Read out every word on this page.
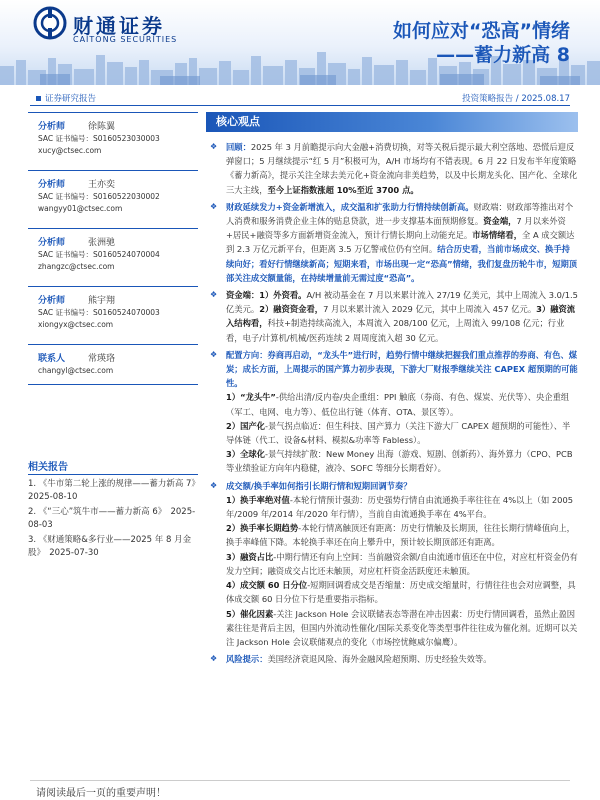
财通证券
CAITONG SECURITIES	如何应对“恐高”情绪
——蓄力新高 8
证券研究报告	投资策略报告 / 2025.08.17
分析师	徐陈翼
SAC 证书编号：S0160523030003
xucy@ctsec.com
分析师	王亦奕
SAC 证书编号：S0160522030002
wangyy01@ctsec.com
分析师	张洲驰
SAC 证书编号：S0160524070004
zhangzc@ctsec.com
分析师	熊宇翔
SAC 证书编号：S0160524070003
xiongyx@ctsec.com
联系人	常瑛珞
changyl@ctsec.com
相关报告
1. 《牛市第二轮上涨的规律——蓄力新高 7》　2025-08-10
2. 《“三心”筑牛市——蓄力新高 6》　2025-08-03
3. 《财通策略&多行业——2025 年 8 月金股》　2025-07-30
核心观点
❖ 回顾：2025 年 3 月前瞻提示向大金融+消费切换，对等关税后提示最大利空落地、恐慌后迎反弹窗口；5 月继续提示“红 5 月”积极可为，A/H 市场均有不错表现。6 月 22 日发布半年度策略《蓄力新高》，提示关注全球去美元化+资金流向非美趋势，以及中长期龙头化、国产化、全球化三大主线，至今上证指数涨超 10%至近 3700 点。
❖ 财政延续发力+资金新增流入，成交温和扩张助力行情持续创新高。财政端：财政部等推出对个人消费和服务消费企业主体的贴息贷款，进一步支撑基本面预期修复。资金端，7 月以来外资+居民+融资等多方面新增资金流入，预计行情长期向上动能充足。市场情绪看，全 A 成交额达到 2.3 万亿元新平台，但距离 3.5 万亿警戒位仍有空间。结合历史看，当前市场成交、换手持续向好；看好行情继续新高；短期来看，市场出现一定“恐高”情绪，我们复盘历轮牛市，短期顶部关注成交额量能，在持续增量前无需过度“恐高”。
❖ 资金端：1）外资看。A/H 被动基金在 7 月以来累计流入 27/19 亿美元，其中上周流入 3.0/1.5 亿美元。2）融资资金看，7 月以来累计流入 2029 亿元，其中上周流入 457 亿元。3）融资流入结构看，科技+制造持续高流入，本周流入 208/100 亿元，上周流入 99/108 亿元；行业看，电子/计算机/机械/医药连续 2 周周度流入超 30 亿元。
❖ 配置方向：券商再启动，“龙头牛”进行时，趋势行情中继续把握我们重点推荐的券商、有色、煤炭；成长方面，上周提示的国产算力初步表现，下游大厂财报季继续关注 CAPEX 超预期的可能性。
1）“龙头牛”-供给出清/反内卷/央企重组：PPI 触底（券商、有色、煤炭、光伏等）、央企重组（军工、电网、电力等）、低位出行链（体育、OTA、景区等）。
2）国产化-景气拐点临近：但生科技、国产算力（关注下游大厂 CAPEX 超预期的可能性）、半导体链（代工、设备&材料、模拟&功率等 Fabless）。
3）全球化-景气持续扩散：New Money 出海（游戏、短剧、创新药）、海外算力（CPO、PCB 等业绩验证方向年内稳健，液冷、SOFC 等细分长期看好）。
❖ 成交额/换手率如何指引长期行情和短期回调节奏？
1）换手率绝对值-本轮行情预计强劲：历史强势行情自由流通换手率往往在 4%以上（如 2005 年/2009 年/2014 年/2020 年行情），当前自由流通换手率在 4%平台。
2）换手率长期趋势-本轮行情离触顶还有距离：历史行情触及长期顶，往往长期行情峰值向上，换手率峰值下降。本轮换手率还在向上攀升中，预计较长期顶部还有距离。
3）融资占比-中期行情还有向上空间：当前融资余额/自由流通市值还在中位，对应杠杆资金仍有发力空间；融资成交占比还未触顶，对应杠杆资金活跃度还未触顶。
4）成交额 60 日分位-短期回调看成交是否缩量：历史成交缩量时，行情往往也会对应调整，具体成交额 60 日分位下行是重要指示指标。
5）催化因素-关注 Jackson Hole 会议联储表态等潜在冲击因素：历史行情回调看，虽然止盈因素往往是背后主因，但国内外流动性催化/国际关系变化等类型事件往往成为催化剂。近期可以关注 Jackson Hole 会议联储观点的变化（市场控忧鲍威尔偏鹰）。
❖ 风险提示：美国经济衰退风险、海外金融风险超预期、历史经验失效等。
请阅读最后一页的重要声明！
